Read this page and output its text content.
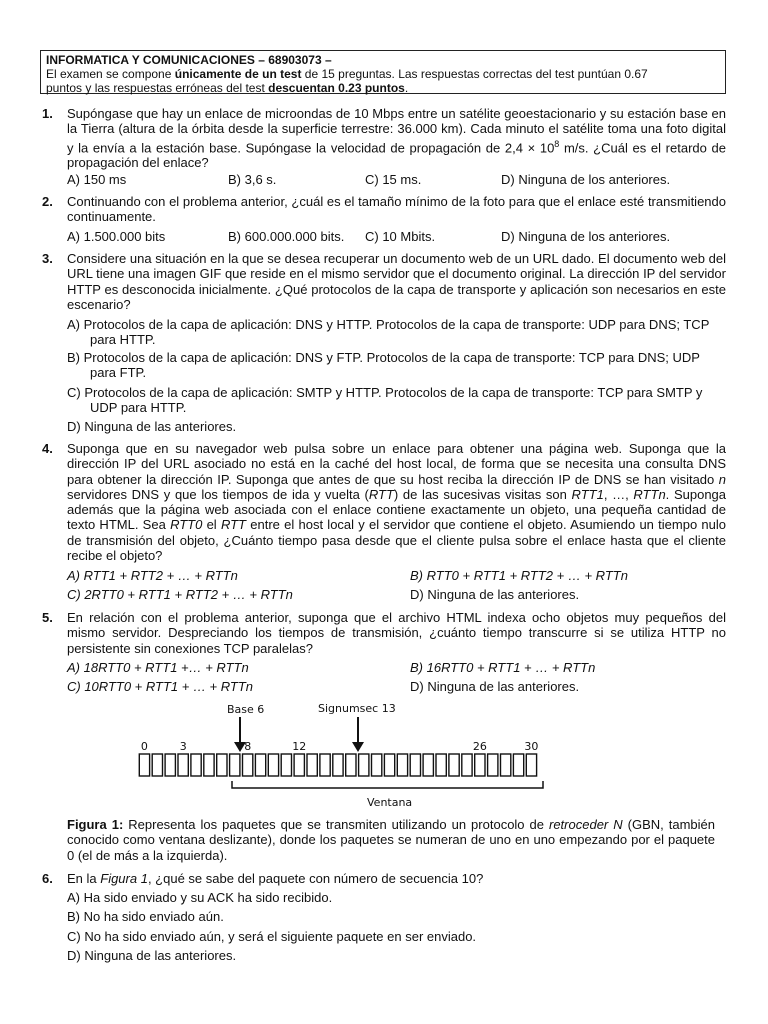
INFORMATICA Y COMUNICACIONES – 68903073 –
El examen se compone únicamente de un test de 15 preguntas. Las respuestas correctas del test puntúan 0.67
puntos y las respuestas erróneas del test descuentan 0.23 puntos.
1. Supóngase que hay un enlace de microondas de 10 Mbps entre un satélite geoestacionario y su estación base en la Tierra (altura de la órbita desde la superficie terrestre: 36.000 km). Cada minuto el satélite toma una foto digital y la envía a la estación base. Supóngase la velocidad de propagación de $2,4 \times 10^8$ m/s. ¿Cuál es el retardo de propagación del enlace?
A) 150 ms	B) 3,6 s.	C) 15 ms.	D) Ninguna de los anteriores.
2. Continuando con el problema anterior, ¿cuál es el tamaño mínimo de la foto para que el enlace esté transmitiendo continuamente.
A) 1.500.000 bits	B) 600.000.000 bits. C) 10 Mbits.	D) Ninguna de los anteriores.
3. Considere una situación en la que se desea recuperar un documento web de un URL dado. El documento web del URL tiene una imagen GIF que reside en el mismo servidor que el documento original. La dirección IP del servidor HTTP es desconocida inicialmente. ¿Qué protocolos de la capa de transporte y aplicación son necesarios en este escenario?
A) Protocolos de la capa de aplicación: DNS y HTTP. Protocolos de la capa de transporte: UDP para DNS; TCP para HTTP.
B) Protocolos de la capa de aplicación: DNS y FTP. Protocolos de la capa de transporte: TCP para DNS; UDP para FTP.
C) Protocolos de la capa de aplicación: SMTP y HTTP. Protocolos de la capa de transporte: TCP para SMTP y UDP para HTTP.
D) Ninguna de las anteriores.
4. Suponga que en su navegador web pulsa sobre un enlace para obtener una página web. Suponga que la dirección IP del URL asociado no está en la caché del host local, de forma que se necesita una consulta DNS para obtener la dirección IP. Suponga que antes de que su host reciba la dirección IP de DNS se han visitado n servidores DNS y que los tiempos de ida y vuelta (RTT) de las sucesivas visitas son RTT1, …, RTTn. Suponga además que la página web asociada con el enlace contiene exactamente un objeto, una pequeña cantidad de texto HTML. Sea RTT0 el RTT entre el host local y el servidor que contiene el objeto. Asumiendo un tiempo nulo de transmisión del objeto, ¿Cuánto tiempo pasa desde que el cliente pulsa sobre el enlace hasta que el cliente recibe el objeto?
A) RTT1 + RTT2 + … + RTTn	B) RTT0 + RTT1 + RTT2 + … + RTTn
C) 2RTT0 + RTT1 + RTT2 + … + RTTn	D) Ninguna de las anteriores.
5. En relación con el problema anterior, suponga que el archivo HTML indexa ocho objetos muy pequeños del mismo servidor. Despreciando los tiempos de transmisión, ¿cuánto tiempo transcurre si se utiliza HTTP no persistente sin conexiones TCP paralelas?
A) 18RTT0 + RTT1 +… + RTTn	B) 16RTT0 + RTT1 + … + RTTn
C) 10RTT0 + RTT1 + … + RTTn	D) Ninguna de las anteriores.
Base 6	Signumsec 13
Ventana
0	3	8	12	26	30
Figura 1: Representa los paquetes que se transmiten utilizando un protocolo de retroceder N (GBN, también conocido como ventana deslizante), donde los paquetes se numeran de uno en uno empezando por el paquete 0 (el de más a la izquierda).
6. En la Figura 1, ¿qué se sabe del paquete con número de secuencia 10?
A) Ha sido enviado y su ACK ha sido recibido.
B) No ha sido enviado aún.
C) No ha sido enviado aún, y será el siguiente paquete en ser enviado.
D) Ninguna de las anteriores.
